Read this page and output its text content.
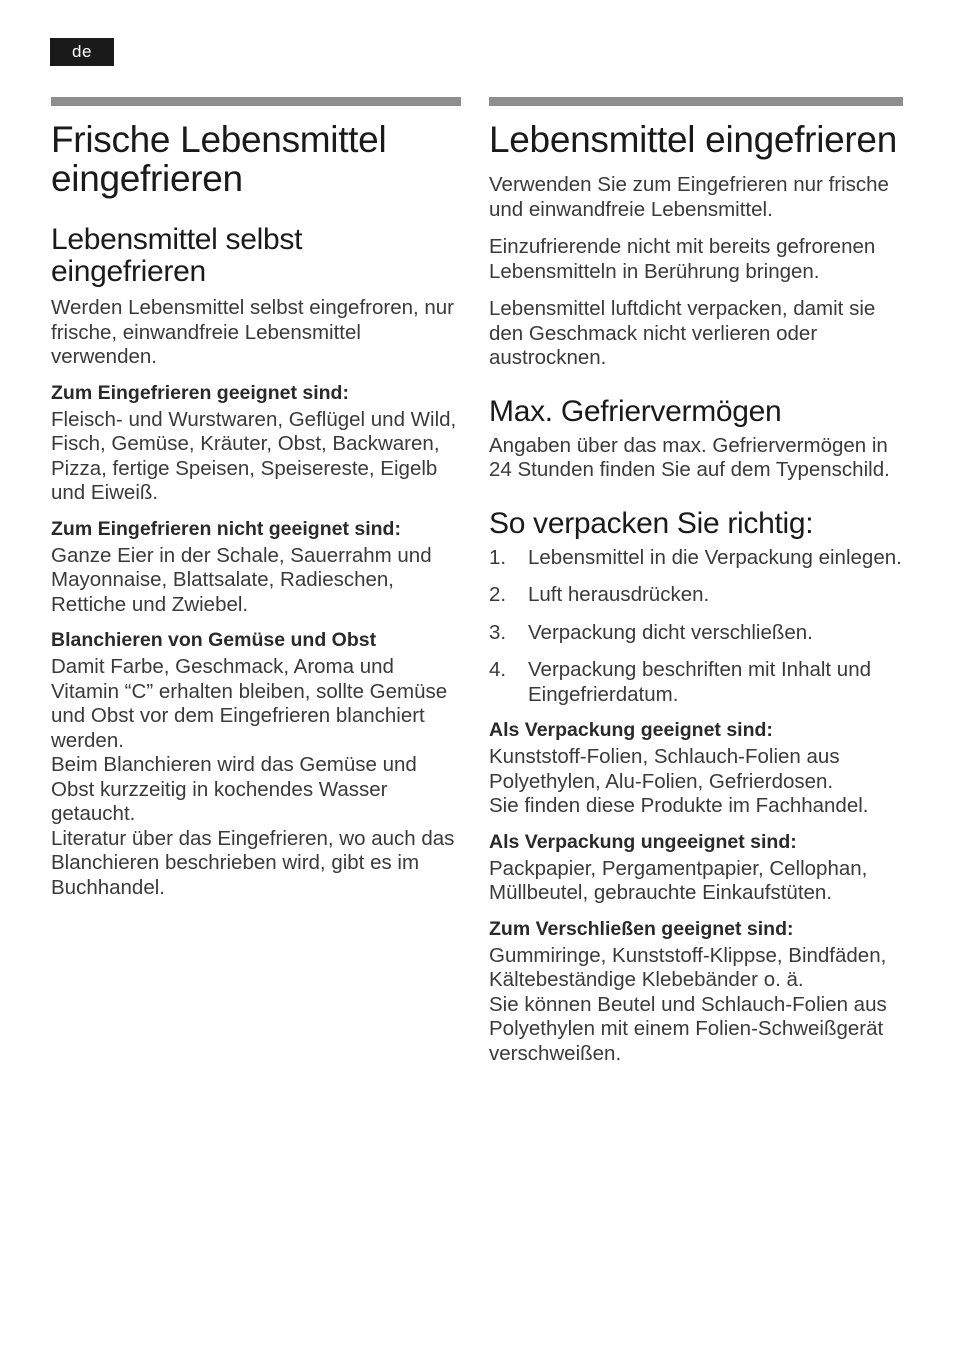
de
Frische Lebensmittel eingefrieren
Lebensmittel selbst eingefrieren

Werden Lebensmittel selbst eingefroren, nur frische, einwandfreie Lebensmittel verwenden.

Zum Eingefrieren geeignet sind:

Fleisch- und Wurstwaren, Geflügel und Wild, Fisch, Gemüse, Kräuter, Obst, Backwaren, Pizza, fertige Speisen, Speisereste, Eigelb und Eiweiß.

Zum Eingefrieren nicht geeignet sind:

Ganze Eier in der Schale, Sauerrahm und Mayonnaise, Blattsalate, Radieschen, Rettiche und Zwiebel.

Blanchieren von Gemüse und Obst

Damit Farbe, Geschmack, Aroma und Vitamin “C” erhalten bleiben, sollte Gemüse und Obst vor dem Eingefrieren blanchiert werden.

Beim Blanchieren wird das Gemüse und Obst kurzzeitig in kochendes Wasser getaucht.

Literatur über das Eingefrieren, wo auch das Blanchieren beschrieben wird, gibt es im Buchhandel.

Lebensmittel eingefrieren

Verwenden Sie zum Eingefrieren nur frische und einwandfreie Lebensmittel.

Einzufrierende nicht mit bereits gefrorenen Lebensmitteln in Berührung bringen.

Lebensmittel luftdicht verpacken, damit sie den Geschmack nicht verlieren oder austrocknen.

Max. Gefriervermögen

Angaben über das max. Gefriervermögen in 24 Stunden finden Sie auf dem Typenschild.

So verpacken Sie richtig:
1. Lebensmittel in die Verpackung einlegen.
2. Luft herausdrücken.
3. Verpackung dicht verschließen.
4. Verpackung beschriften mit Inhalt und Eingefrierdatum.
Als Verpackung geeignet sind:

Kunststoff-Folien, Schlauch-Folien aus Polyethylen, Alu-Folien, Gefrierdosen.

Sie finden diese Produkte im Fachhandel.

Als Verpackung ungeeignet sind:

Packpapier, Pergamentpapier, Cellophan, Müllbeutel, gebrauchte Einkaufstüten.

Zum Verschließen geeignet sind:

Gummiringe, Kunststoff-Klippse, Bindfäden, Kältebeständige Klebebänder o. ä.

Sie können Beutel und Schlauch-Folien aus Polyethylen mit einem Folien-Schweißgerät verschweißen.
